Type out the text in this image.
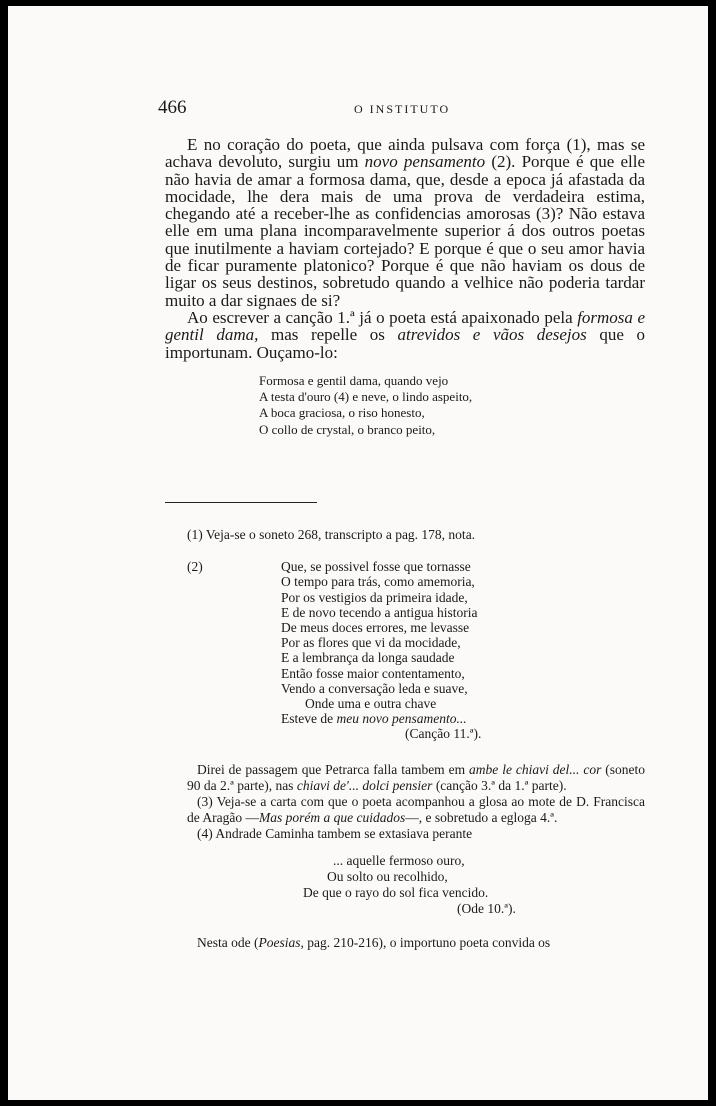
466	O INSTITUTO

E no coração do poeta, que ainda pulsava com força (1), mas se achava devoluto, surgiu um novo pensamento (2). Porque é que elle não havia de amar a formosa dama, que, desde a epoca já afastada da mocidade, lhe dera mais de uma prova de verdadeira estima, chegando até a receber-lhe as confidencias amorosas (3)? Não estava elle em uma plana incomparavelmente superior á dos outros poetas que inutilmente a haviam cortejado? E porque é que o seu amor havia de ficar puramente platonico? Porque é que não haviam os dous de ligar os seus destinos, sobretudo quando a velhice não poderia tardar muito a dar signaes de si?

Ao escrever a canção 1.ª já o poeta está apaixonado pela formosa e gentil dama, mas repelle os atrevidos e vãos desejos que o importunam. Ouçamo-lo:

Formosa e gentil dama, quando vejo
A testa d'ouro (4) e neve, o lindo aspeito,
A boca graciosa, o riso honesto,
O collo de crystal, o branco peito,

(1) Veja-se o soneto 268, transcripto a pag. 178, nota.

(2)	Que, se possivel fosse que tornasse
O tempo para trás, como amemoria,
Por os vestigios da primeira idade,
E de novo tecendo a antigua historia
De meus doces errores, me levasse
Por as flores que vi da mocidade,
E a lembrança da longa saudade
Então fosse maior contentamento,
Vendo a conversação leda e suave,
Onde uma e outra chave
Esteve de meu novo pensamento...
(Canção 11.ª).

Direi de passagem que Petrarca falla tambem em ambe le chiavi del... cor (soneto 90 da 2.ª parte), nas chiavi de'... dolci pensier (canção 3.ª da 1.ª parte).

(3) Veja-se a carta com que o poeta acompanhou a glosa ao mote de D. Francisca de Aragão —Mas porém a que cuidados—, e sobretudo a egloga 4.ª.

(4) Andrade Caminha tambem se extasiava perante

... aquelle fermoso ouro,
Ou solto ou recolhido,
De que o rayo do sol fica vencido.
(Ode 10.ª).

Nesta ode (Poesias, pag. 210-216), o importuno poeta convida os
